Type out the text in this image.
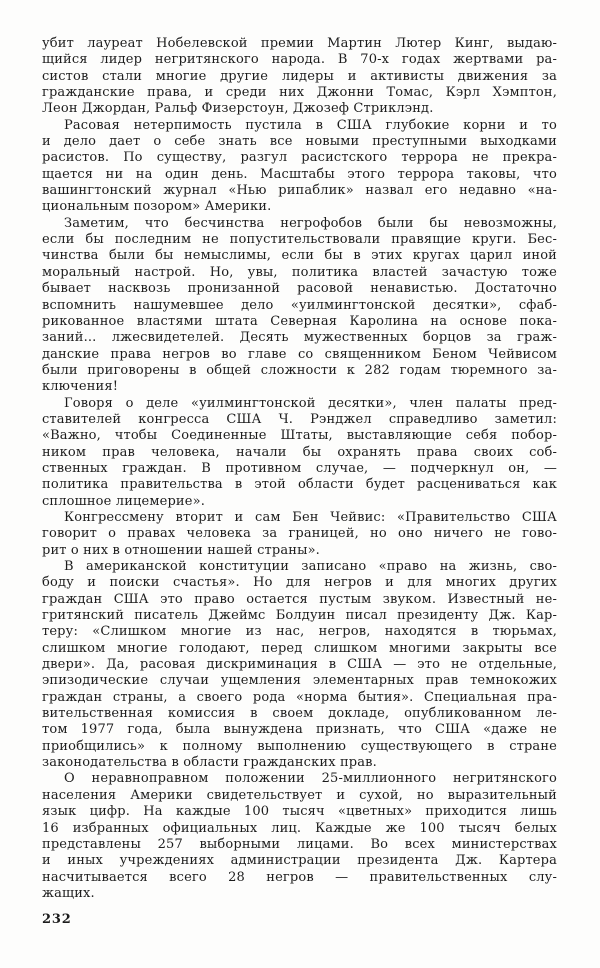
убит лауреат Нобелевской премии Мартин Лютер Кинг, выдаю-
щийся лидер негритянского народа. В 70-х годах жертвами ра-
систов стали многие другие лидеры и активисты движения за
гражданские права, и среди них Джонни Томас, Кэрл Хэмптон,
Леон Джордан, Ральф Физерстоун, Джозеф Стриклэнд.
Расовая нетерпимость пустила в США глубокие корни и то
и дело дает о себе знать все новыми преступными выходками
расистов. По существу, разгул расистского террора не прекра-
щается ни на один день. Масштабы этого террора таковы, что
вашингтонский журнал «Нью рипаблик» назвал его недавно «на-
циональным позором» Америки.
Заметим, что бесчинства негрофобов были бы невозможны,
если бы последним не попустительствовали правящие круги. Бес-
чинства были бы немыслимы, если бы в этих кругах царил иной
моральный настрой. Но, увы, политика властей зачастую тоже
бывает насквозь пронизанной расовой ненавистью. Достаточно
вспомнить нашумевшее дело «уилмингтонской десятки», сфаб-
рикованное властями штата Северная Каролина на основе пока-
заний... лжесвидетелей. Десять мужественных борцов за граж-
данские права негров во главе со священником Беном Чейвисом
были приговорены в общей сложности к 282 годам тюремного за-
ключения!
Говоря о деле «уилмингтонской десятки», член палаты пред-
ставителей конгресса США Ч. Рэнджел справедливо заметил:
«Важно, чтобы Соединенные Штаты, выставляющие себя побор-
ником прав человека, начали бы охранять права своих соб-
ственных граждан. В противном случае, — подчеркнул он, —
политика правительства в этой области будет расцениваться как
сплошное лицемерие».
Конгрессмену вторит и сам Бен Чейвис: «Правительство США
говорит о правах человека за границей, но оно ничего не гово-
рит о них в отношении нашей страны».
В американской конституции записано «право на жизнь, сво-
боду и поиски счастья». Но для негров и для многих других
граждан США это право остается пустым звуком. Известный не-
гритянский писатель Джеймс Болдуин писал президенту Дж. Кар-
теру: «Слишком многие из нас, негров, находятся в тюрьмах,
слишком многие голодают, перед слишком многими закрыты все
двери». Да, расовая дискриминация в США — это не отдельные,
эпизодические случаи ущемления элементарных прав темнокожих
граждан страны, а своего рода «норма бытия». Специальная пра-
вительственная комиссия в своем докладе, опубликованном ле-
том 1977 года, была вынуждена признать, что США «даже не
приобщились» к полному выполнению существующего в стране
законодательства в области гражданских прав.
О неравноправном положении 25-миллионного негритянского
населения Америки свидетельствует и сухой, но выразительный
язык цифр. На каждые 100 тысяч «цветных» приходится лишь
16 избранных официальных лиц. Каждые же 100 тысяч белых
представлены 257 выборными лицами. Во всех министерствах
и иных учреждениях администрации президента Дж. Картера
насчитывается всего 28 негров — правительственных слу-
жащих.
232
